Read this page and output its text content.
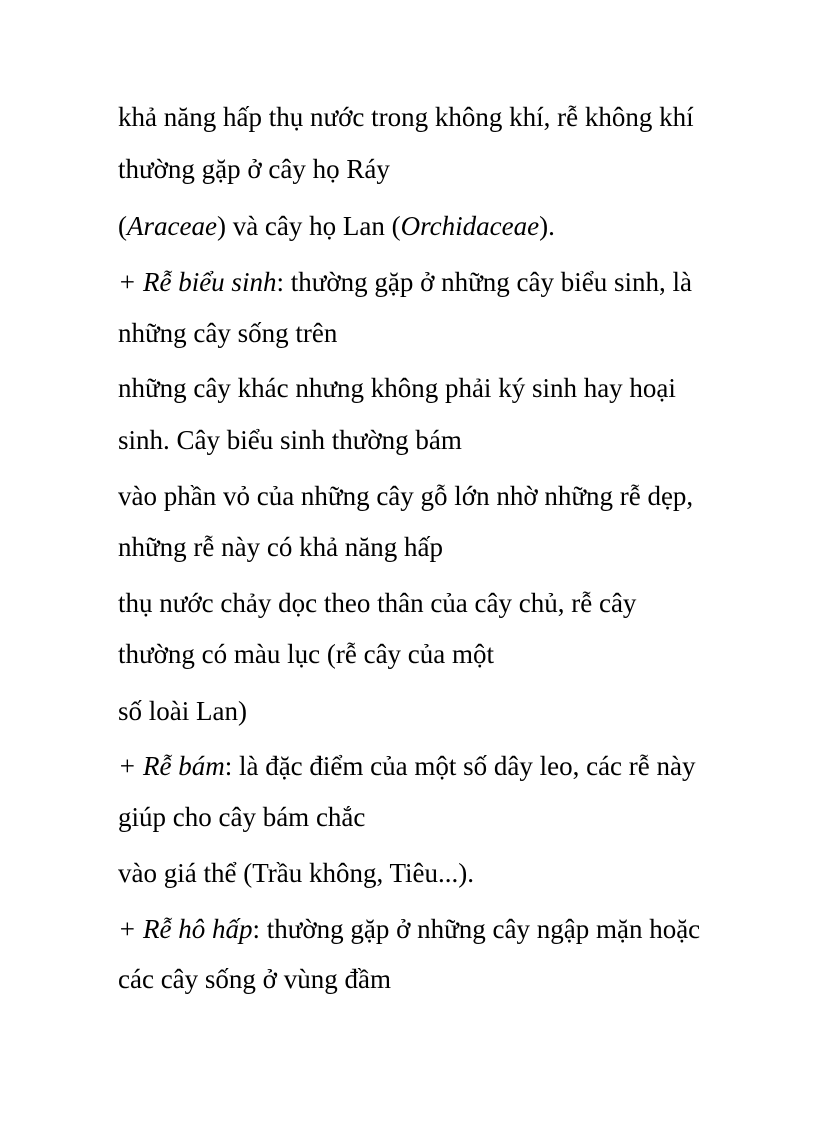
khả năng hấp thụ nước trong không khí, rễ không khí

thường gặp ở cây họ Ráy

(Araceae) và cây họ Lan (Orchidaceae).

+ Rễ biểu sinh: thường gặp ở những cây biểu sinh, là

những cây sống trên

những cây khác nhưng không phải ký sinh hay hoại

sinh. Cây biểu sinh thường bám

vào phần vỏ của những cây gỗ lớn nhờ những rễ dẹp,

những rễ này có khả năng hấp

thụ nước chảy dọc theo thân của cây chủ, rễ cây

thường có màu lục (rễ cây của một

số loài Lan)

+ Rễ bám: là đặc điểm của một số dây leo, các rễ này

giúp cho cây bám chắc

vào giá thể (Trầu không, Tiêu...).

+ Rễ hô hấp: thường gặp ở những cây ngập mặn hoặc

các cây sống ở vùng đầm
